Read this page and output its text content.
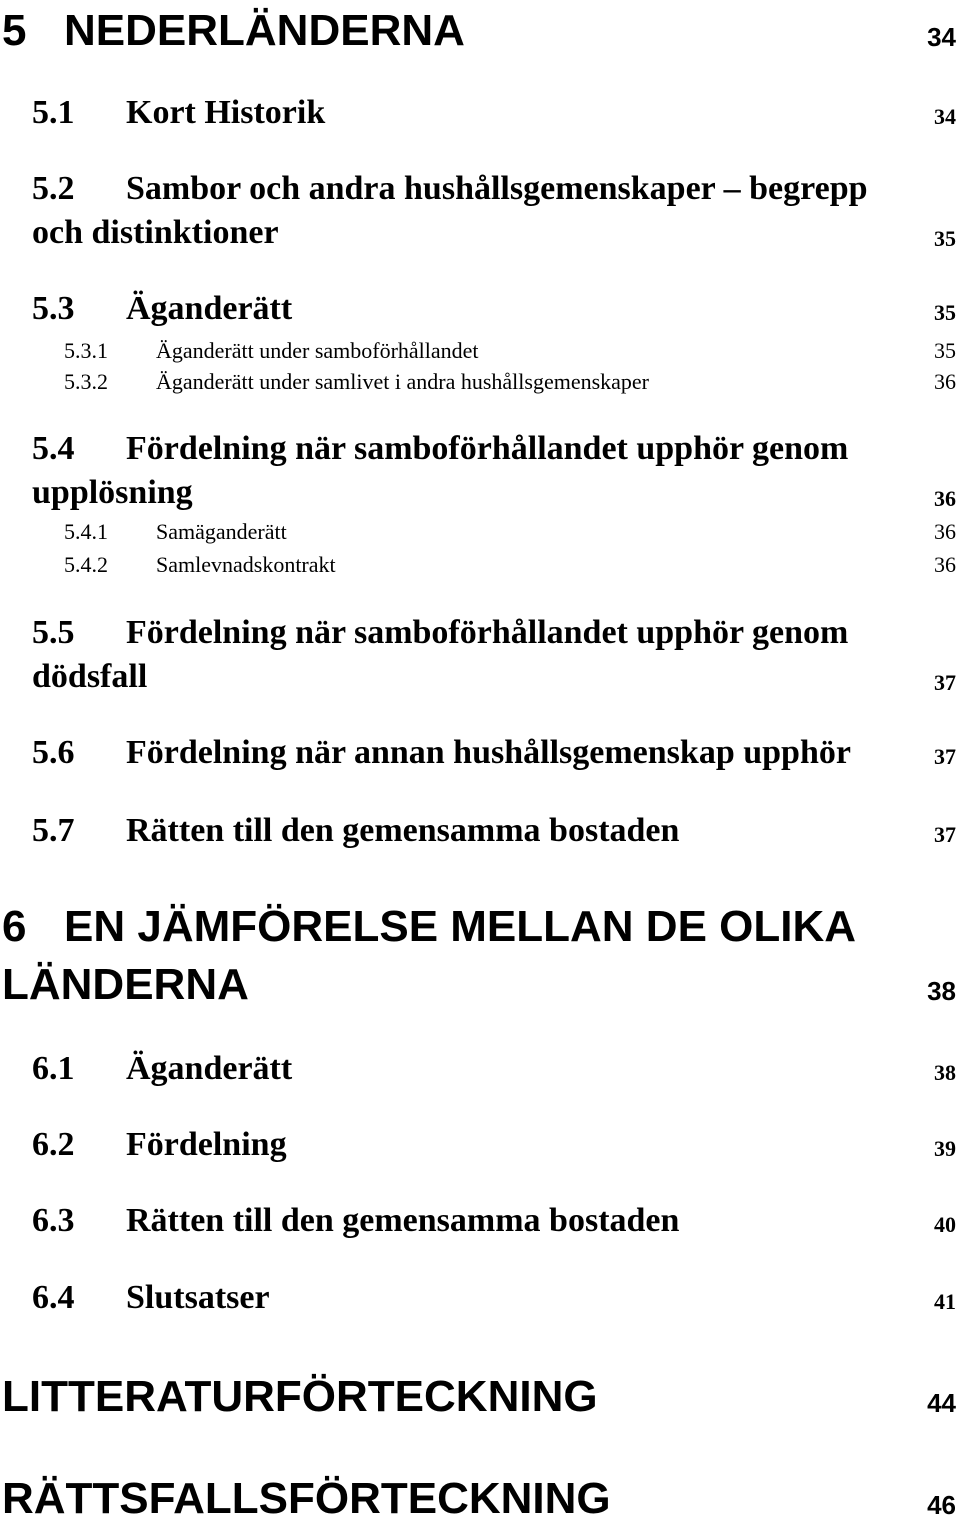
5 NEDERLÄNDERNA	34
5.1 Kort Historik	34
5.2 Sambor och andra hushållsgemenskaper – begrepp
och distinktioner	35
5.3 Äganderätt	35
5.3.1 Äganderätt under samboförhållandet	35
5.3.2 Äganderätt under samlivet i andra hushållsgemenskaper	36
5.4 Fördelning när samboförhållandet upphör genom
upplösning	36
5.4.1 Samäganderätt	36
5.4.2 Samlevnadskontrakt	36
5.5 Fördelning när samboförhållandet upphör genom
dödsfall	37
5.6 Fördelning när annan hushållsgemenskap upphör	37
5.7 Rätten till den gemensamma bostaden	37
6 EN JÄMFÖRELSE MELLAN DE OLIKA
LÄNDERNA	38
6.1 Äganderätt	38
6.2 Fördelning	39
6.3 Rätten till den gemensamma bostaden	40
6.4 Slutsatser	41
LITTERATURFÖRTECKNING	44
RÄTTSFALLSFÖRTECKNING	46
